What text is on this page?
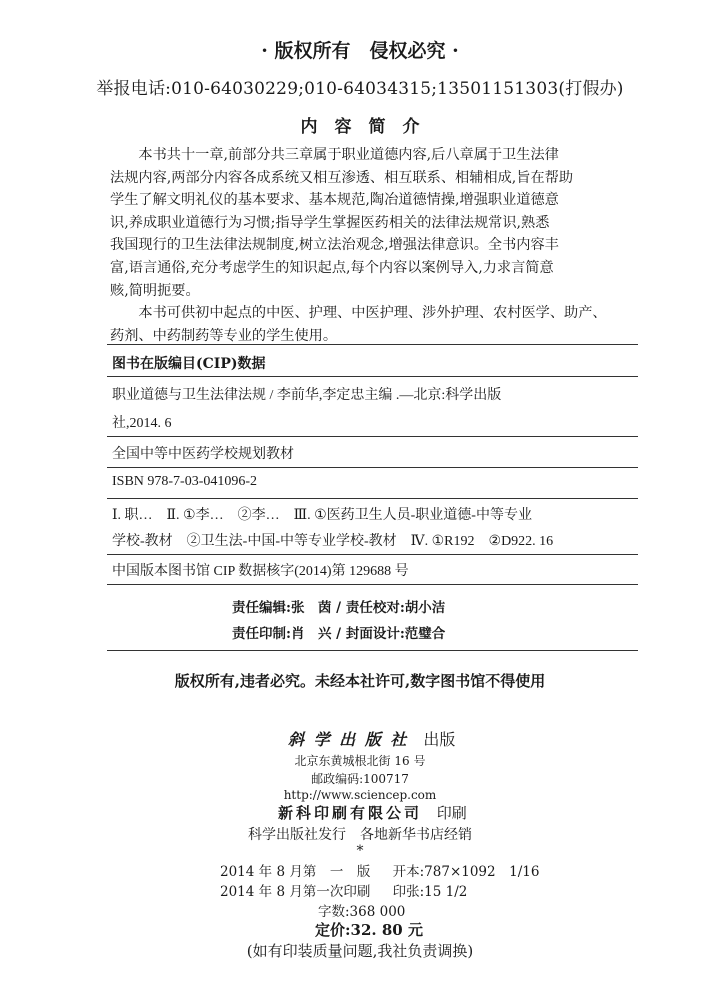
· 版权所有　侵权必究 ·
举报电话:010-64030229;010-64034315;13501151303(打假办)
内　容　简　介
　　本书共十一章,前部分共三章属于职业道德内容,后八章属于卫生法律
法规内容,两部分内容各成系统又相互渗透、相互联系、相辅相成,旨在帮助
学生了解文明礼仪的基本要求、基本规范,陶冶道德情操,增强职业道德意
识,养成职业道德行为习惯;指导学生掌握医药相关的法律法规常识,熟悉
我国现行的卫生法律法规制度,树立法治观念,增强法律意识。全书内容丰
富,语言通俗,充分考虑学生的知识起点,每个内容以案例导入,力求言简意
赅,简明扼要。
　　本书可供初中起点的中医、护理、中医护理、涉外护理、农村医学、助产、
药剂、中药制药等专业的学生使用。
图书在版编目(CIP)数据
职业道德与卫生法律法规 / 李前华,李定忠主编 .—北京:科学出版
社,2014. 6
全国中等中医药学校规划教材
ISBN 978-7-03-041096-2
Ⅰ. 职…　Ⅱ. ①李…　②李…　Ⅲ. ①医药卫生人员-职业道德-中等专业
学校-教材　②卫生法-中国-中等专业学校-教材　Ⅳ. ①R192　②D922. 16
中国版本图书馆 CIP 数据核字(2014)第 129688 号
责任编辑:张　茵 / 责任校对:胡小洁
责任印制:肖　兴 / 封面设计:范璧合
版权所有,违者必究。未经本社许可,数字图书馆不得使用
斜 学 出 版 社 出版
北京东黄城根北街 16 号
邮政编码:100717
http://www.sciencep.com
新科印刷有限公司 印刷
科学出版社发行　各地新华书店经销
*
2014 年 8 月第　一　版 开本:787×1092　1/16
2014 年 8 月第一次印刷 印张:15 1/2
字数:368 000
定价:32. 80 元
(如有印装质量问题,我社负责调换)
